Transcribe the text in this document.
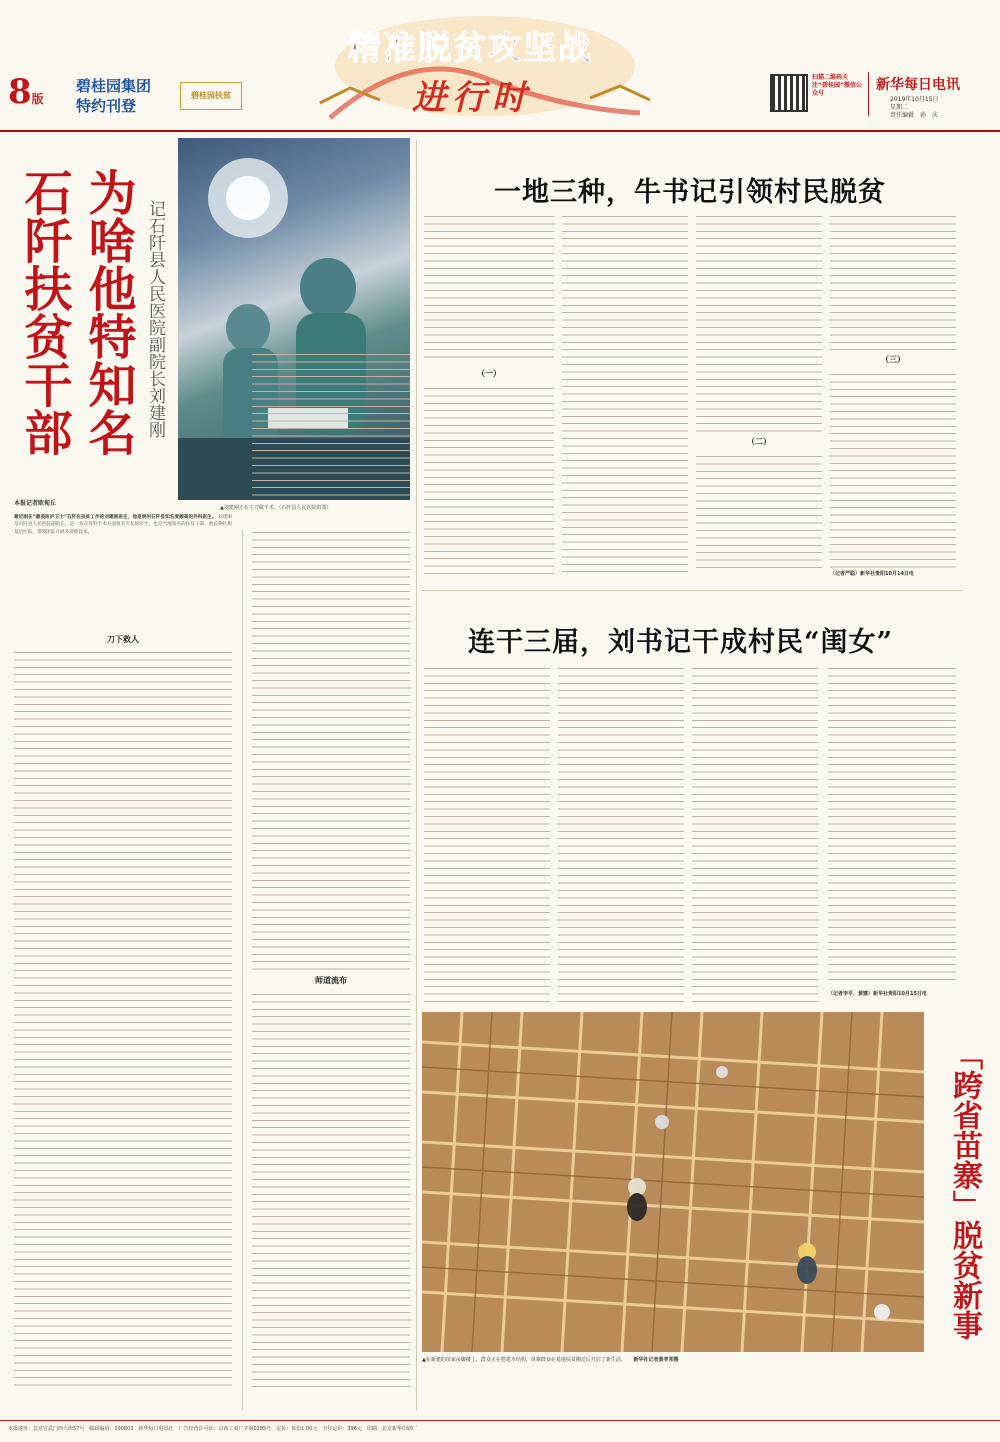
8版
碧桂园集团
特约刊登
碧桂园扶贫
精准脱贫攻坚战
进行时
扫描二维码关注“碧桂园”微信公众号
新华每日电讯
2019年10月15日
星期二
责任编辑　孙　庆
为啥他特知名
石阡扶贫干部	记石阡县人民医院副院长刘建刚
▲刘建刚正在主刀做手术。（石阡县人民医院供图）
本报记者欧甸丘
最近刚在“最美医护卫士”石阡在扶贫工作的刘建刚医生，他是贵州石阡县知名度颇高的外科医生。 刘建刚是石阡县人民医院副院长，是一名在外科手术方面很有专长的医生，也是当地知名的扶贫干部。他长期扎根基层医院，带领团队开展多项新技术。
刀下救人
师道流布
一地三种，牛书记引领村民脱贫
（一）
（二）
（三）
（记者严聪）新华社贵阳10月14日电
连干三届，刘书记干成村民“闺女”
（记者李平、黄娜）新华社贵阳10月15日电
「跨省苗寨」脱贫新事
▲在新建的苗家吊脚楼上，群众正在搭建木结构，苗寨群众在易地扶贫搬迁后开启了新生活。 新华社记者黄孝邦摄
本报地址：北京宣武门西大街57号　邮政编码：100803　新华每日电讯社　广告经营许可证：京西工商广字第0185号　定价：每份1.00元　全年定价：396元　印刷：北京新华印刷厂
